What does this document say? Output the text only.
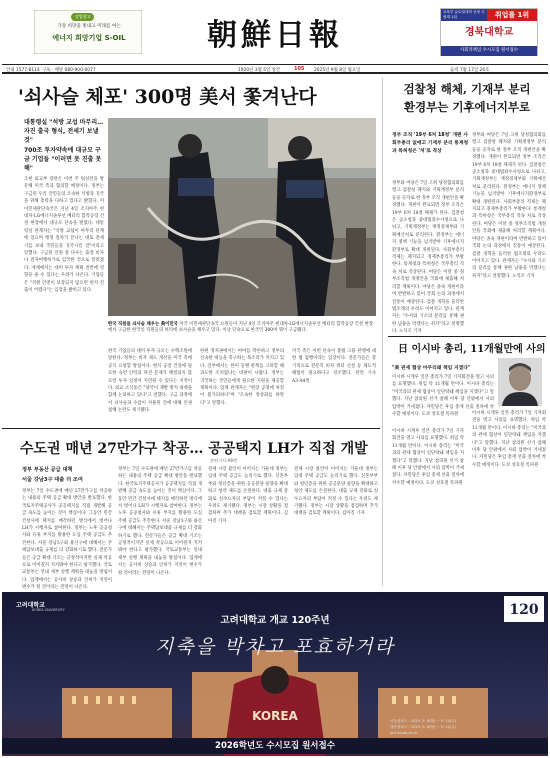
상업광고
가장 희망을 빛내고 미래를 여는
에너지 희망기업 S-OIL	朝鮮日報
교육부 글로컬대학 선정 국립대 1위	취업률 1위
경북대학교
사회적책임 수시모집 원서접수
안내 1577-8114 구독 · 배달 080-900-0077	1920년 3월 5일 창간	105 2025년 9월 8일 월요일	음력 7월 17일 26호
'쇠사슬 체포' 300명 美서 쫓겨난다
대통령실 "석방 교섭 마무리… 자진 출국 형식, 전세기 보낼 것"
700조 투자약속에 대규모 구금 기업들 "이러면 못 진출 못해"
조현 외교부 장관은 이번 주 워싱턴을 방문해 미국 측과 협의할 예정이다. 정부는 구금된 우리 국민들의 조속한 석방과 귀국을 위해 총력을 다하고 있다고 밝혔다. 미 이민세관단속국은 지난 4일 조지아주 현대차·LG에너지솔루션 배터리 합작공장 건설 현장에서 대규모 단속을 벌였다. 대통령실 관계자는 "석방 교섭이 마무리 단계에 있으며 행정 절차가 끝나는 대로 전세기를 보내 국민들을 귀국시킬 것"이라고 말했다. 구금된 인원 중 다수는 출장 비자나 전자여행허가로 입국한 것으로 알려졌다. 재계에서는 대미 투자 계획 전반에 영향을 줄 수 있다는 우려가 나온다. 기업들은 "직원 안전이 보장되지 않으면 현지 진출이 어렵다"는 입장을 밝히고 있다.
한국 직원들 쇠사슬 채우는 美이민국 미국 이민세관단속국 요원들이 지난 4일 조지아주 현대차·LG에너지솔루션 배터리 합작공장 건설 현장에서 구금한 한국인 직원들의 허리에 쇠사슬을 채우고 있다. 이날 단속으로 한국인 300여 명이 구금됐다.
한국 기업들의 대미 투자 규모는 수백조원에 달한다. 정부는 비자 제도 개선을 미국 측에 공식 요청할 방침이다. 현지 공장 건설에 필요한 숙련 인력의 파견 문제가 해결되지 않으면 투자 일정이 지연될 수 있다는 지적이다. 외교 소식통은 "양국이 재발 방지 대책을 함께 논의하고 있다"고 전했다. 구금 과정에서 쇠사슬과 수갑이 사용된 것에 대해 인권 침해 논란도 제기됐다.
한편 정치권에서는 여야를 막론하고 정부의 신속한 대응을 촉구하는 목소리가 커지고 있다. 일부에서는 한미 동맹 관계를 고려할 때 과도한 조치였다는 비판이 나왔다. 정부는 귀국하는 국민들에게 필요한 지원을 제공할 계획이다. 업계 관계자는 "현장 공정에 차질이 불가피하다"며 "조속한 정상화를 바란다"고 말했다.
미국 측은 이번 단속이 불법 고용 관행에 대한 법 집행이라는 입장이다. 전문가들은 장기적으로 전문직 비자 쿼터 신설 등 제도적 해법이 필요하다고 강조했다. 관련 기사 A3·A4면
검찰청 해체, 기재부 분리
환경부는 기후에너지부로
정부 조직 '19부 6처 18청' 개편 사회부총리 없애고 기재부 분리 통계청과 특허청은 '처'로 격상
정부와 여당은 7일 고위 당정협의회를 열고 검찰청 폐지와 기획재정부 분리 등을 골자로 한 정부 조직 개편안을 확정했다. 개편이 완료되면 정부 조직은 19부 6처 18청 체제가 된다. 검찰청은 공소청과 중대범죄수사청으로 나뉘고, 기획재정부는 재정경제부와 기획예산처로 분리된다. 환경부는 에너지 정책 기능을 넘겨받아 기후에너지환경부로 확대 개편된다. 사회부총리 직제는 폐지되고 경제부총리가 부활한다. 통계청과 특허청은 국무총리 직속 처로 격상된다. 여당은 이달 중 정부조직법 개정안을 국회에 제출해 처리할 계획이다. 야당은 졸속 개편이라며 반발하고 있어 국회 논의 과정에서 진통이 예상된다. 검찰 개혁을 둘러싼 법조계의 우려도 이어지고 있다. 관계자는 "수사와 기소의 분리를 통해 권한 남용을 막겠다는 취지"라고 설명했다. 노석조 기자
정부와 여당은 7일 고위 당정협의회를 열고 검찰청 폐지와 기획재정부 분리 등을 골자로 한 정부 조직 개편안을 확정했다. 개편이 완료되면 정부 조직은 19부 6처 18청 체제가 된다. 검찰청은 공소청과 중대범죄수사청으로 나뉘고, 기획재정부는 재정경제부와 기획예산처로 분리된다. 환경부는 에너지 정책 기능을 넘겨받아 기후에너지환경부로 확대 개편된다. 사회부총리 직제는 폐지되고 경제부총리가 부활한다. 통계청과 특허청은 국무총리 직속 처로 격상된다. 여당은 이달 중 정부조직법 개정안을 국회에 제출해 처리할 계획이다. 야당은 졸속 개편이라며 반발하고 있어 국회 논의 과정에서 진통이 예상된다. 검찰 개혁을 둘러싼 법조계의 우려도 이어지고 있다. 관계자는 "수사와 기소의 분리를 통해 권한 남용을 막겠다는 취지"라고 설명했다. 노석조 기자
日 이시바 총리, 11개월만에 사의
"美 관세 협상 마무리돼 책임 지겠다"
이시바 시게루 일본 총리가 7일 기자회견을 열고 사의를 표명했다. 취임 약 11개월 만이다. 이시바 총리는 "미국과의 관세 협상이 일단락돼 책임을 지겠다"고 말했다. 지난 참의원 선거 참패 이후 당 안팎에서 사퇴 압박이 거세졌다. 자민당은 후임 총재 선출 절차에 착수할 예정이다. 도쿄 성호철 특파원
이시바 시게루 일본 총리가 7일 기자회견을 열고 사의를 표명했다. 취임 약 11개월 만이다. 이시바 총리는 "미국과의 관세 협상이 일단락돼 책임을 지겠다"고 말했다. 지난 참의원 선거 참패 이후 당 안팎에서 사퇴 압박이 거세졌다. 자민당은 후임 총재 선출 절차에 착수할 예정이다. 도쿄 성호철 특파원
이시바 시게루 일본 총리가 7일 기자회견을 열고 사의를 표명했다. 취임 약 11개월 만이다. 이시바 총리는 "미국과의 관세 협상이 일단락돼 책임을 지겠다"고 말했다. 지난 참의원 선거 참패 이후 당 안팎에서 사퇴 압박이 거세졌다. 자민당은 후임 총재 선출 절차에 착수할 예정이다. 도쿄 성호철 특파원
수도권 매년 27만가구 착공… 공공택지 LH가 직접 개발
관련기사 A6면
정부 부동산 공급 대책
서울 강남3구 대출 더 조여
정부는 7일 수도권에 매년 27만가구를 착공하는 내용의 주택 공급 확대 방안을 발표했다. 한국토지주택공사가 공공택지를 직접 개발해 공급 속도를 높이는 것이 핵심이다. 그동안 민간 건설사에 택지를 매각하던 방식에서 벗어나 LH가 시행자로 참여한다. 정부는 노후 공공청사와 유휴 부지를 활용한 도심 주택 공급도 추진한다. 서울 강남3구와 용산구에 대해서는 주택담보대출 규제를 더 강화하기로 했다. 전문가들은 공급 확대 기조는 긍정적이지만 실제 착공으로 이어질지 지켜봐야 한다고 평가했다. 국토교통부는 연내 세부 실행 계획을 내놓을 방침이다. 업계에서는 공사비 상승과 인허가 지연이 변수가 될 것이라는 전망이 나온다.
정부는 7일 수도권에 매년 27만가구를 착공하는 내용의 주택 공급 확대 방안을 발표했다. 한국토지주택공사가 공공택지를 직접 개발해 공급 속도를 높이는 것이 핵심이다. 그동안 민간 건설사에 택지를 매각하던 방식에서 벗어나 LH가 시행자로 참여한다. 정부는 노후 공공청사와 유휴 부지를 활용한 도심 주택 공급도 추진한다. 서울 강남3구와 용산구에 대해서는 주택담보대출 규제를 더 강화하기로 했다. 전문가들은 공급 확대 기조는 긍정적이지만 실제 착공으로 이어질지 지켜봐야 한다고 평가했다. 국토교통부는 연내 세부 실행 계획을 내놓을 방침이다. 업계에서는 공사비 상승과 인허가 지연이 변수가 될 것이라는 전망이 나온다.
전세 시장 불안이 이어지는 가운데 정부는 임대 주택 공급도 늘리기로 했다. 신혼부부와 청년층을 위한 공공분양 물량을 확대하고 청약 제도를 손질한다. 대출 규제 강화로 실수요자의 부담이 커질 수 있다는 우려도 제기됐다. 정부는 시장 상황을 점검하며 추가 대책을 검토할 계획이다. 김아진 기자
전세 시장 불안이 이어지는 가운데 정부는 임대 주택 공급도 늘리기로 했다. 신혼부부와 청년층을 위한 공공분양 물량을 확대하고 청약 제도를 손질한다. 대출 규제 강화로 실수요자의 부담이 커질 수 있다는 우려도 제기됐다. 정부는 시장 상황을 점검하며 추가 대책을 검토할 계획이다. 김아진 기자
KOREA
120
고려대학교
KOREA UNIVERSITY
고려대학교 개교 120주년
지축을 박차고 포효하거라
서울캠퍼스 : 2025. 9. 8(월) ~ 9. 10(수)
세종캠퍼스 : 2025. 9. 8(월) ~ 9. 12(금)
ipsi.korea.ac.kr
2026학년도 수시모집 원서접수
